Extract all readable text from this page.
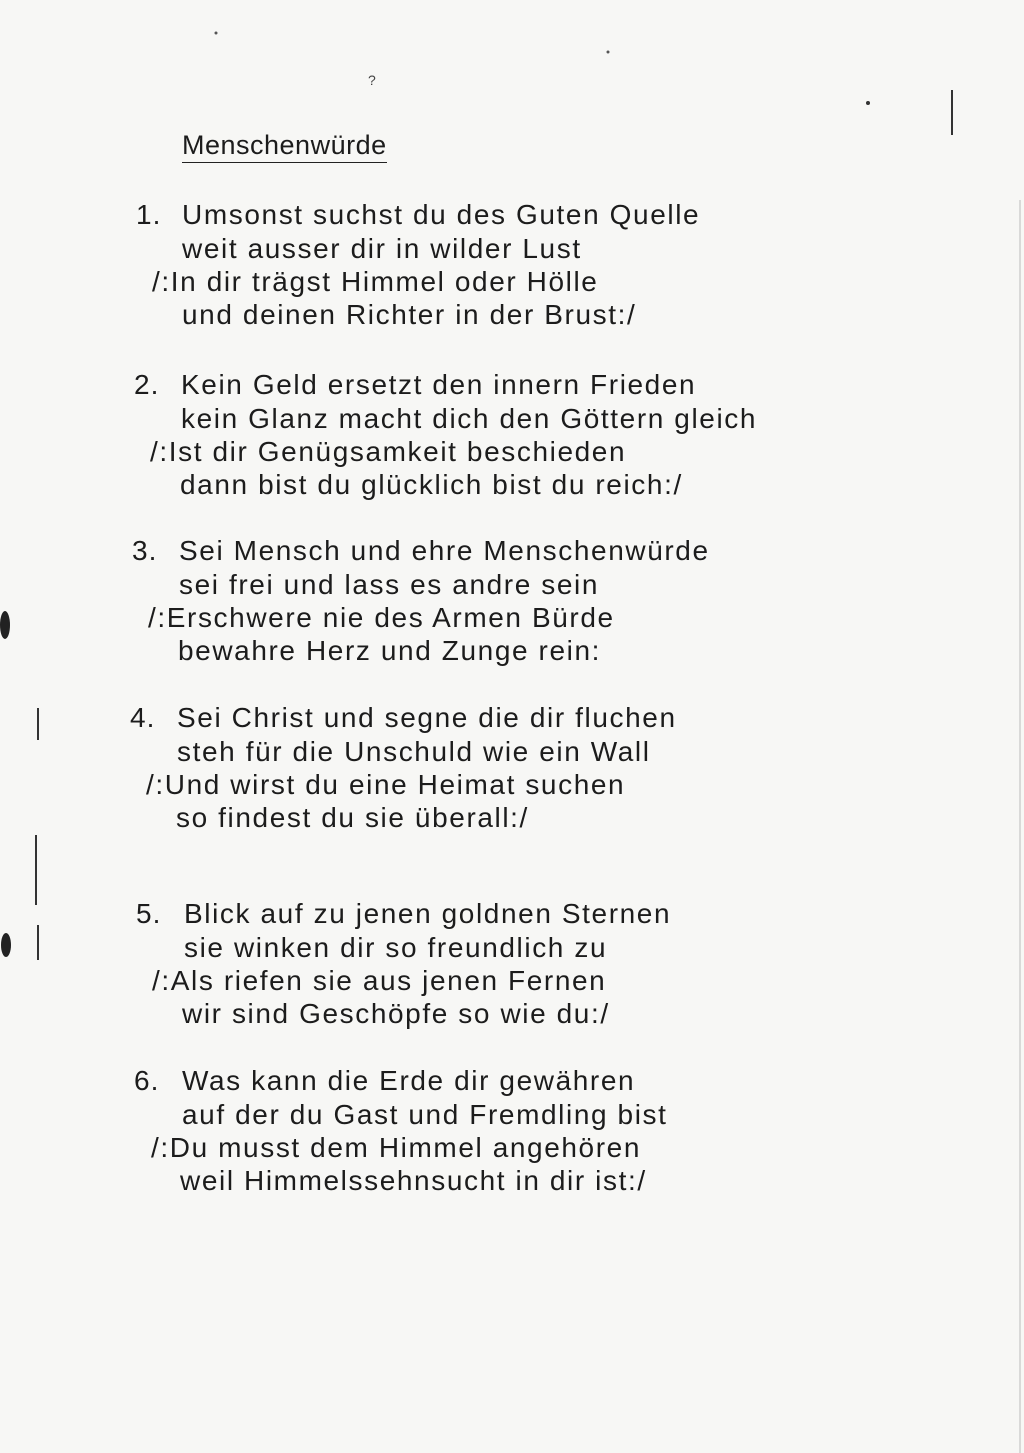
?
Menschenwürde
1. Umsonst suchst du des Guten Quelle
weit ausser dir in wilder Lust
/:In dir trägst Himmel oder Hölle
und deinen Richter in der Brust:/
2. Kein Geld ersetzt den innern Frieden
kein Glanz macht dich den Göttern gleich
/:Ist dir Genügsamkeit beschieden
dann bist du glücklich bist du reich:/
3. Sei Mensch und ehre Menschenwürde
sei frei und lass es andre sein
/:Erschwere nie des Armen Bürde
bewahre Herz und Zunge rein:
4. Sei Christ und segne die dir fluchen
steh für die Unschuld wie ein Wall
/:Und wirst du eine Heimat suchen
so findest du sie überall:/
5. Blick auf zu jenen goldnen Sternen
sie winken dir so freundlich zu
/:Als riefen sie aus jenen Fernen
wir sind Geschöpfe so wie du:/
6. Was kann die Erde dir gewähren
auf der du Gast und Fremdling bist
/:Du musst dem Himmel angehören
weil Himmelssehnsucht in dir ist:/
